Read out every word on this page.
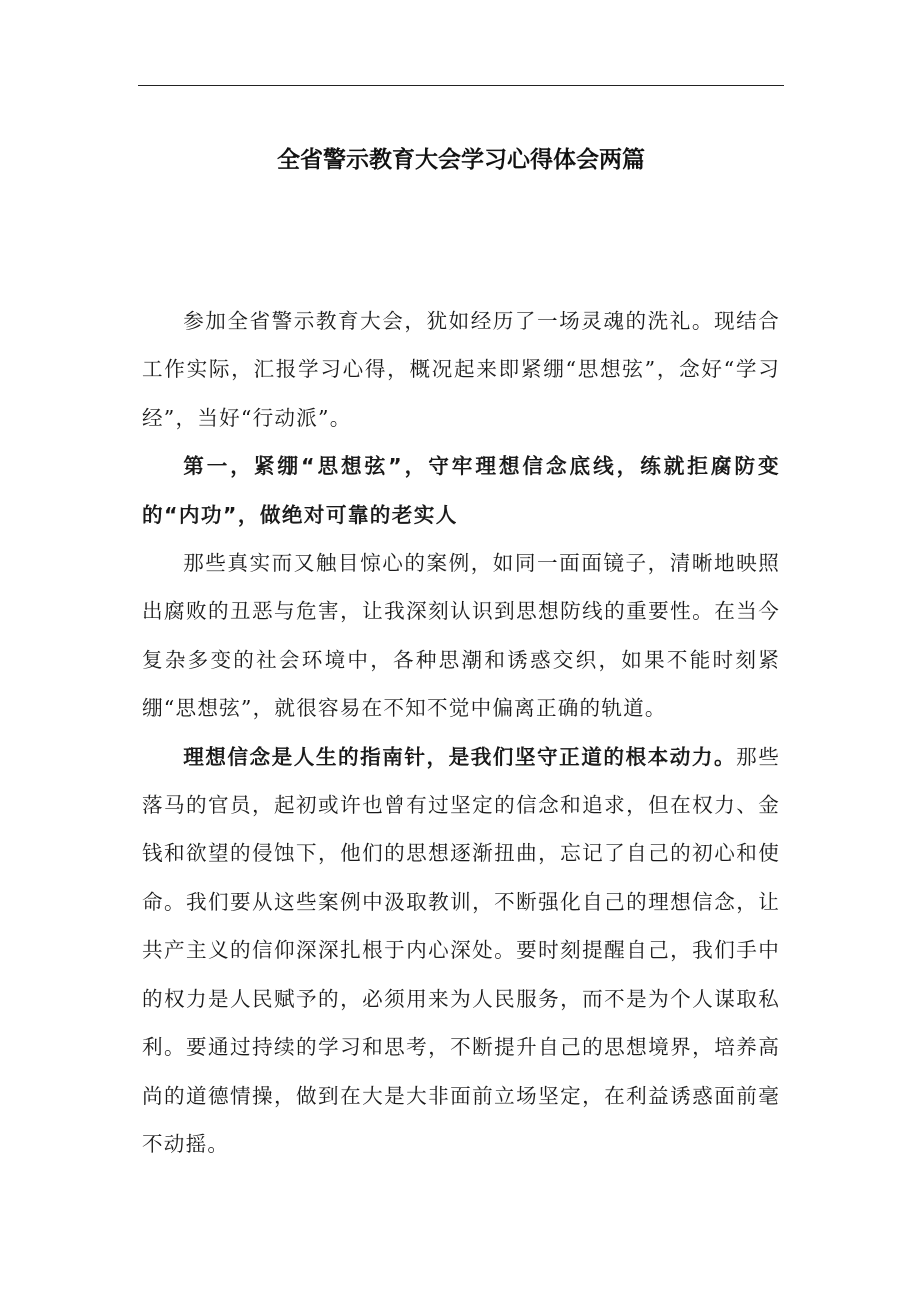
全省警示教育大会学习心得体会两篇

参加全省警示教育大会，犹如经历了一场灵魂的洗礼。现结合工作实际，汇报学习心得，概况起来即紧绷“思想弦”，念好“学习经”，当好“行动派”。

第一，紧绷“思想弦”，守牢理想信念底线，练就拒腐防变的“内功”，做绝对可靠的老实人

那些真实而又触目惊心的案例，如同一面面镜子，清晰地映照出腐败的丑恶与危害，让我深刻认识到思想防线的重要性。在当今复杂多变的社会环境中，各种思潮和诱惑交织，如果不能时刻紧绷“思想弦”，就很容易在不知不觉中偏离正确的轨道。

理想信念是人生的指南针，是我们坚守正道的根本动力。那些落马的官员，起初或许也曾有过坚定的信念和追求，但在权力、金钱和欲望的侵蚀下，他们的思想逐渐扭曲，忘记了自己的初心和使命。我们要从这些案例中汲取教训，不断强化自己的理想信念，让共产主义的信仰深深扎根于内心深处。要时刻提醒自己，我们手中的权力是人民赋予的，必须用来为人民服务，而不是为个人谋取私利。要通过持续的学习和思考，不断提升自己的思想境界，培养高尚的道德情操，做到在大是大非面前立场坚定，在利益诱惑面前毫不动摇。
